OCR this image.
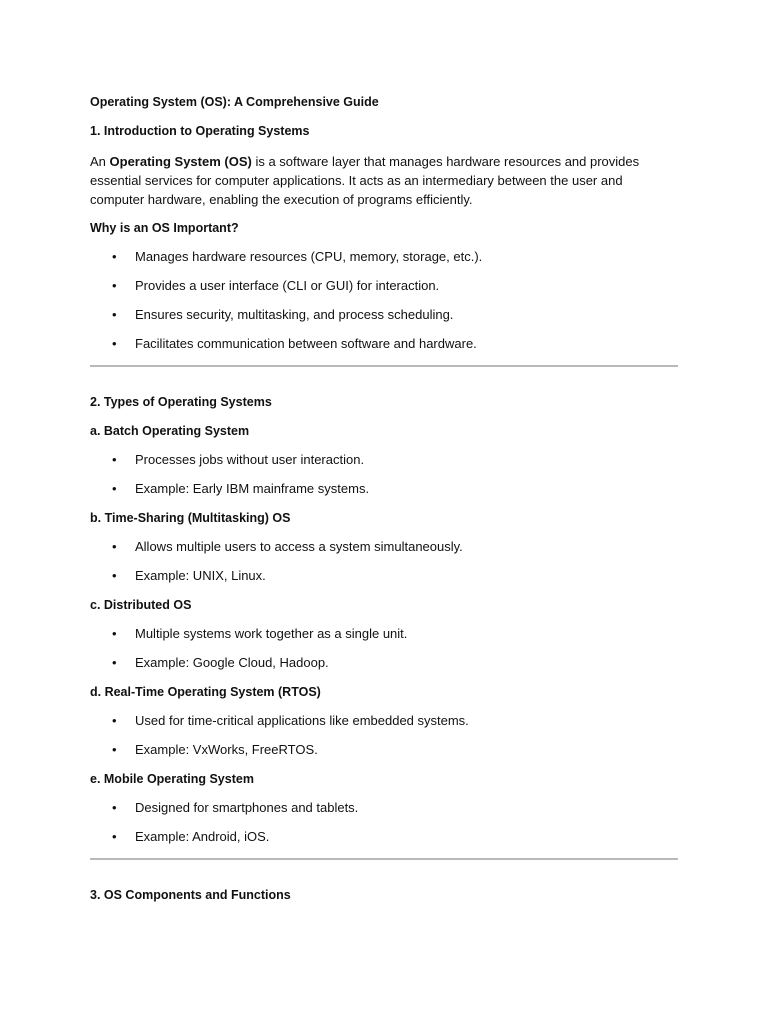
Operating System (OS): A Comprehensive Guide
1. Introduction to Operating Systems

An Operating System (OS) is a software layer that manages hardware resources and provides essential services for computer applications. It acts as an intermediary between the user and computer hardware, enabling the execution of programs efficiently.

Why is an OS Important?
• Manages hardware resources (CPU, memory, storage, etc.).
• Provides a user interface (CLI or GUI) for interaction.
• Ensures security, multitasking, and process scheduling.
• Facilitates communication between software and hardware.
2. Types of Operating Systems
a. Batch Operating System
• Processes jobs without user interaction.
• Example: Early IBM mainframe systems.
b. Time-Sharing (Multitasking) OS
• Allows multiple users to access a system simultaneously.
• Example: UNIX, Linux.
c. Distributed OS
• Multiple systems work together as a single unit.
• Example: Google Cloud, Hadoop.
d. Real-Time Operating System (RTOS)
• Used for time-critical applications like embedded systems.
• Example: VxWorks, FreeRTOS.
e. Mobile Operating System
• Designed for smartphones and tablets.
• Example: Android, iOS.
3. OS Components and Functions
